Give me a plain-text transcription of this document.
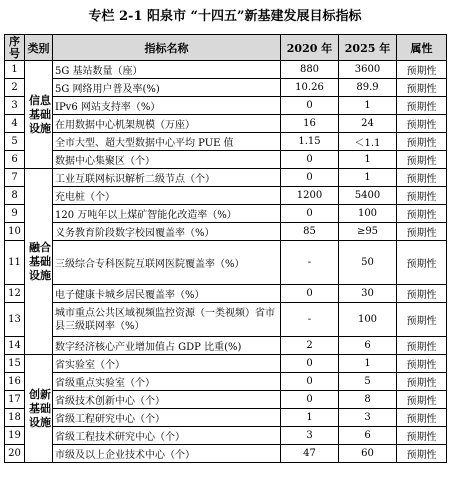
专栏 2-1 阳泉市 “十四五”新基建发展目标指标
序号	类别	指标名称	2020 年	2025 年	属性
1	信息基础设施	5G 基站数量（座）	880	3600	预期性
2		5G 网络用户普及率(%)	10.26	89.9	预期性
3		IPv6 网站支持率（%）	0	1	预期性
4		在用数据中心机架规模（万座）	16	24	预期性
5		全市大型、超大型数据中心平均 PUE 值	1.15	＜1.1	预期性
6		数据中心集聚区（个）	0	1	预期性
7	融合基础设施	工业互联网标识解析二级节点（个）	0	1	预期性
8		充电桩（个）	1200	5400	预期性
9		120 万吨年以上煤矿智能化改造率（%）	0	100	预期性
10		义务教育阶段数字校园覆盖率（%）	85	≥95	预期性
11		三级综合专科医院互联网医院覆盖率（%）	-	50	预期性
12		电子健康卡城乡居民覆盖率（%）	0	30	预期性
13		城市重点公共区域视频监控资源（一类视频）省市县三级联网率（%）	-	100	预期性
14		数字经济核心产业增加值占 GDP 比重(%)	2	6	预期性
15	创新基础设施	省实验室（个）	0	1	预期性
16		省级重点实验室（个）	0	5	预期性
17		省级技术创新中心（个）	0	8	预期性
18		省级工程研究中心（个）	1	3	预期性
19		省级工程技术研究中心（个）	3	6	预期性
20		市级及以上企业技术中心（个）	47	60	预期性
